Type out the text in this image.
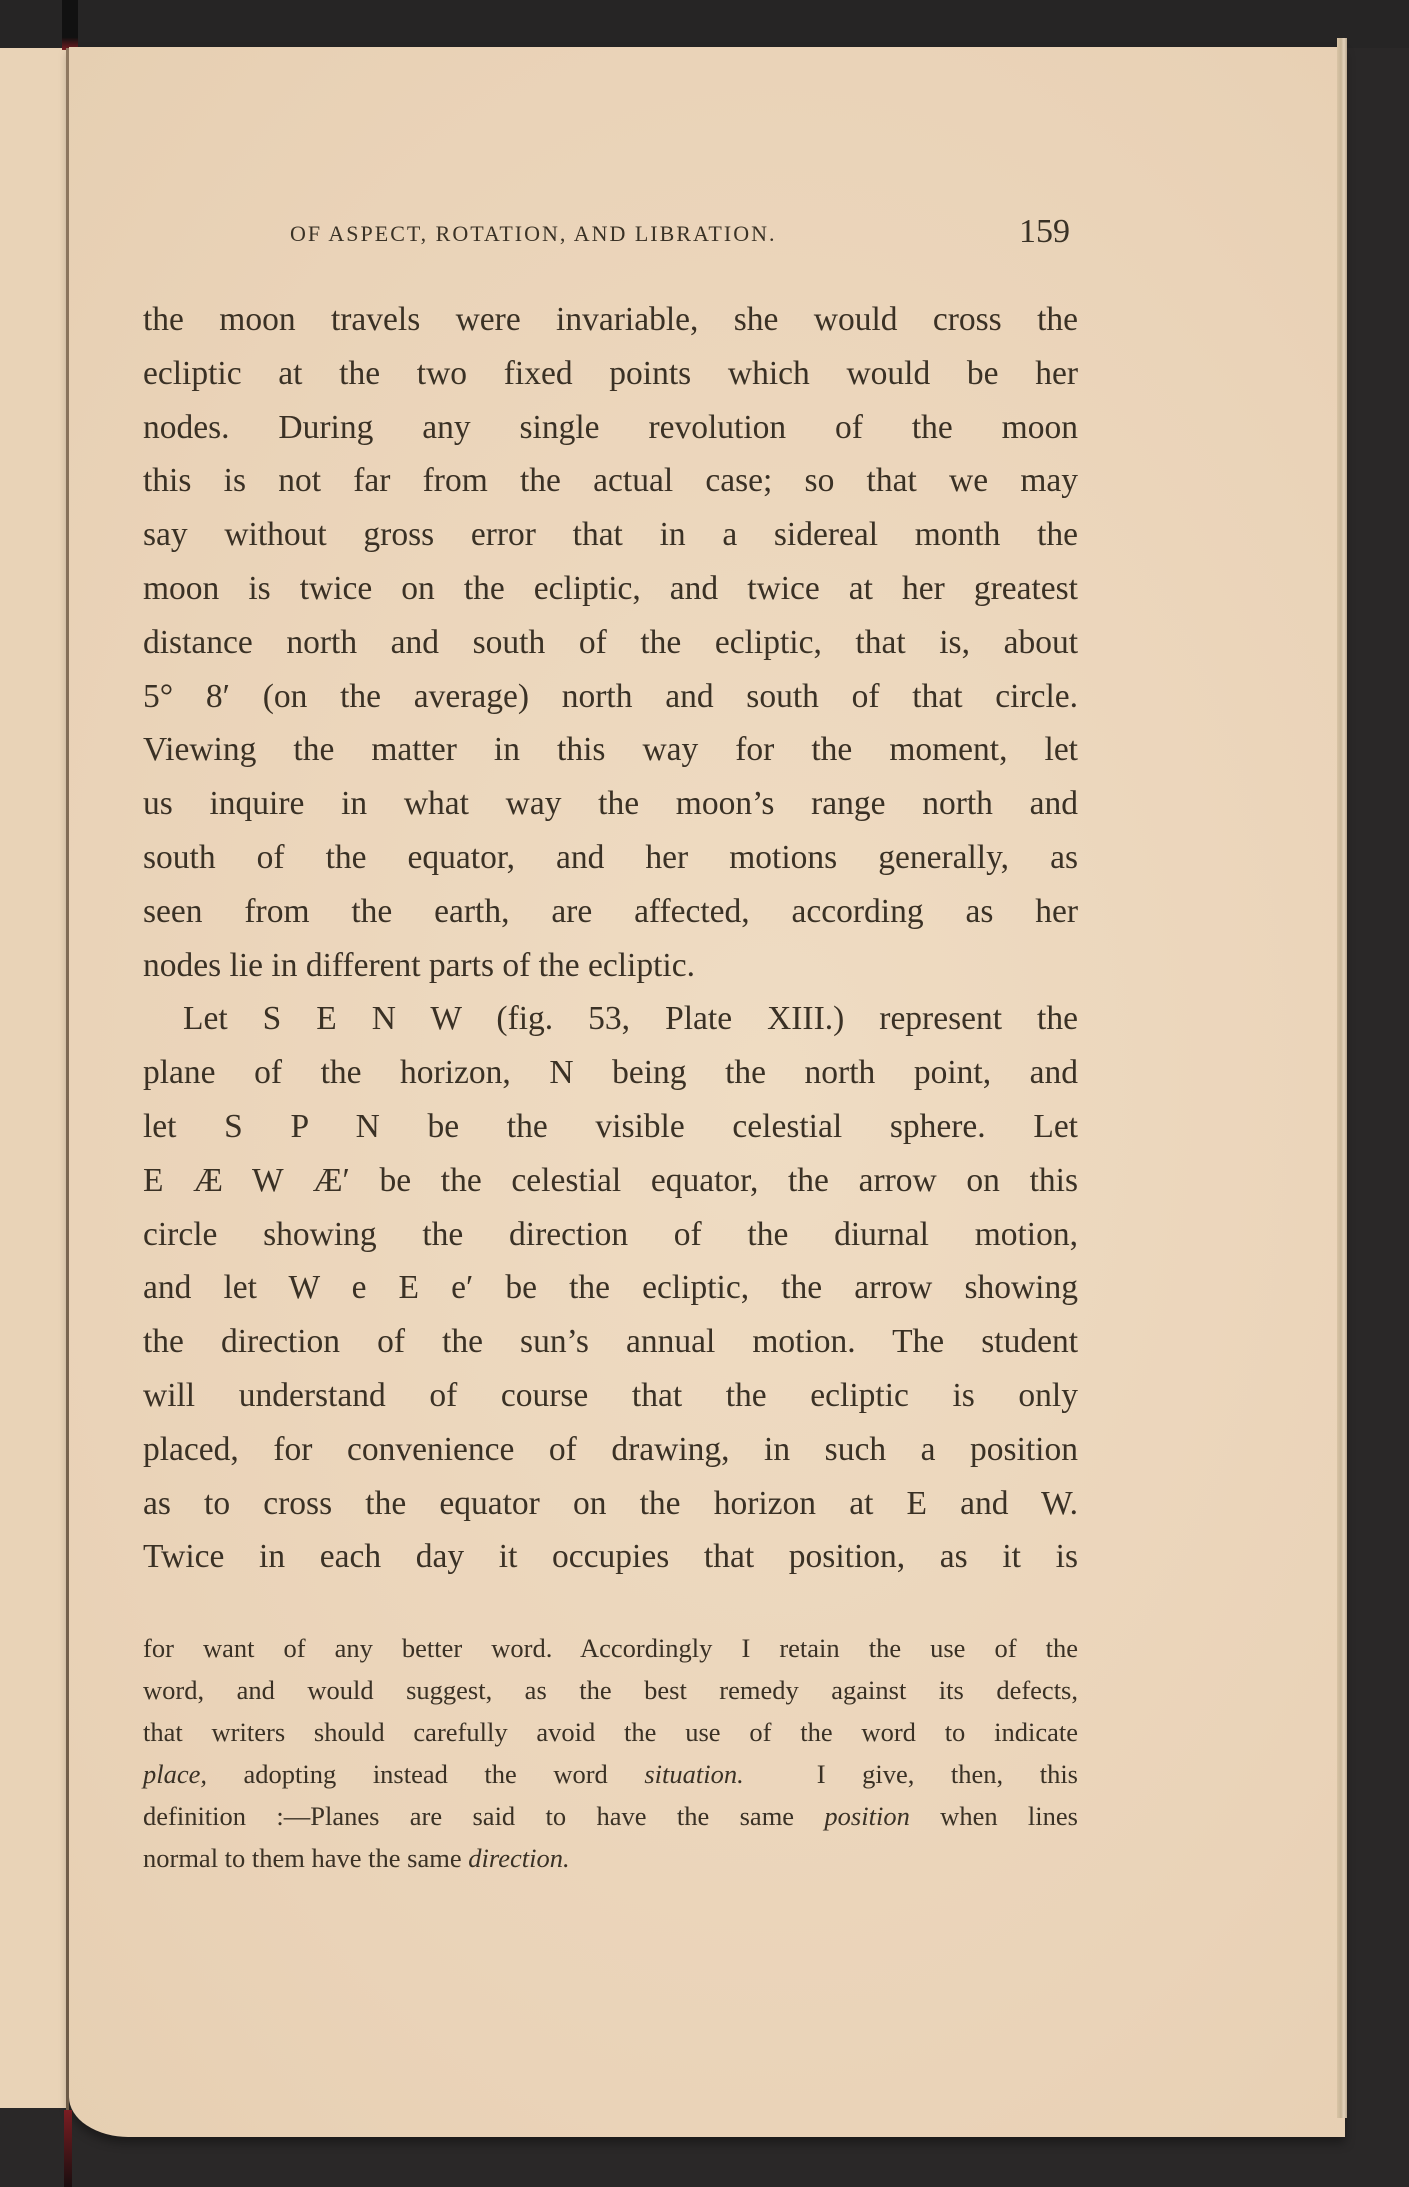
OF ASPECT, ROTATION, AND LIBRATION.	159
the moon travels were invariable, she would cross the
ecliptic at the two fixed points which would be her
nodes. During any single revolution of the moon
this is not far from the actual case; so that we may
say without gross error that in a sidereal month the
moon is twice on the ecliptic, and twice at her greatest
distance north and south of the ecliptic, that is, about
5° 8′ (on the average) north and south of that circle.
Viewing the matter in this way for the moment, let
us inquire in what way the moon’s range north and
south of the equator, and her motions generally, as
seen from the earth, are affected, according as her
nodes lie in different parts of the ecliptic.
Let S E N W (fig. 53, Plate XIII.) represent the
plane of the horizon, N being the north point, and
let S P N be the visible celestial sphere. Let
E Æ W Æ′ be the celestial equator, the arrow on this
circle showing the direction of the diurnal motion,
and let W e E e′ be the ecliptic, the arrow showing
the direction of the sun’s annual motion. The student
will understand of course that the ecliptic is only
placed, for convenience of drawing, in such a position
as to cross the equator on the horizon at E and W.
Twice in each day it occupies that position, as it is
for want of any better word. Accordingly I retain the use of the
word, and would suggest, as the best remedy against its defects,
that writers should carefully avoid the use of the word to indicate
place, adopting instead the word situation.  I give, then, this
definition :—Planes are said to have the same position when lines
normal to them have the same direction.
